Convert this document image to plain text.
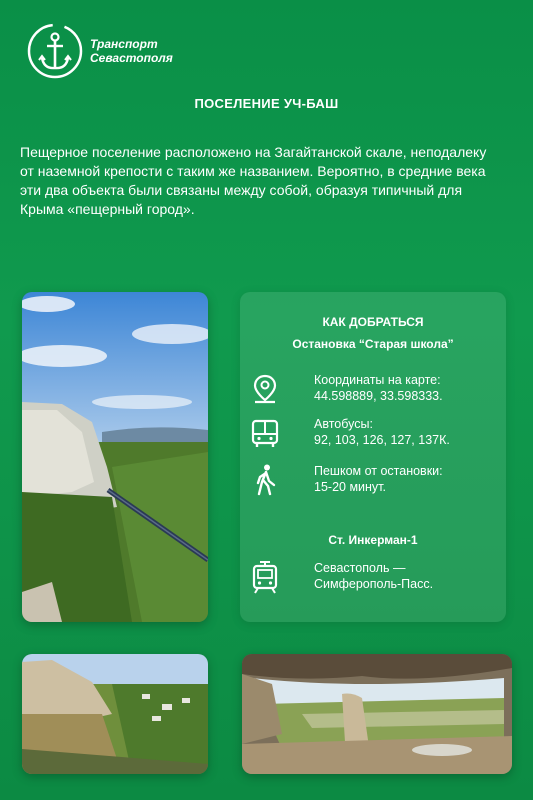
Транспорт
Севастополя
ПОСЕЛЕНИЕ УЧ-БАШ
Пещерное поселение расположено на Загайтанской скале, неподалеку от наземной крепости с таким же названием. Вероятно, в средние века эти два объекта были связаны между собой, образуя типичный для Крыма «пещерный город».
КАК ДОБРАТЬСЯ
Остановка “Старая школа”
Координаты на карте:
44.598889, 33.598333.
Автобусы:
92, 103, 126, 127, 137К.
Пешком от остановки:
15-20 минут.
Ст. Инкерман-1
Севастополь —
Симферополь-Пасс.
